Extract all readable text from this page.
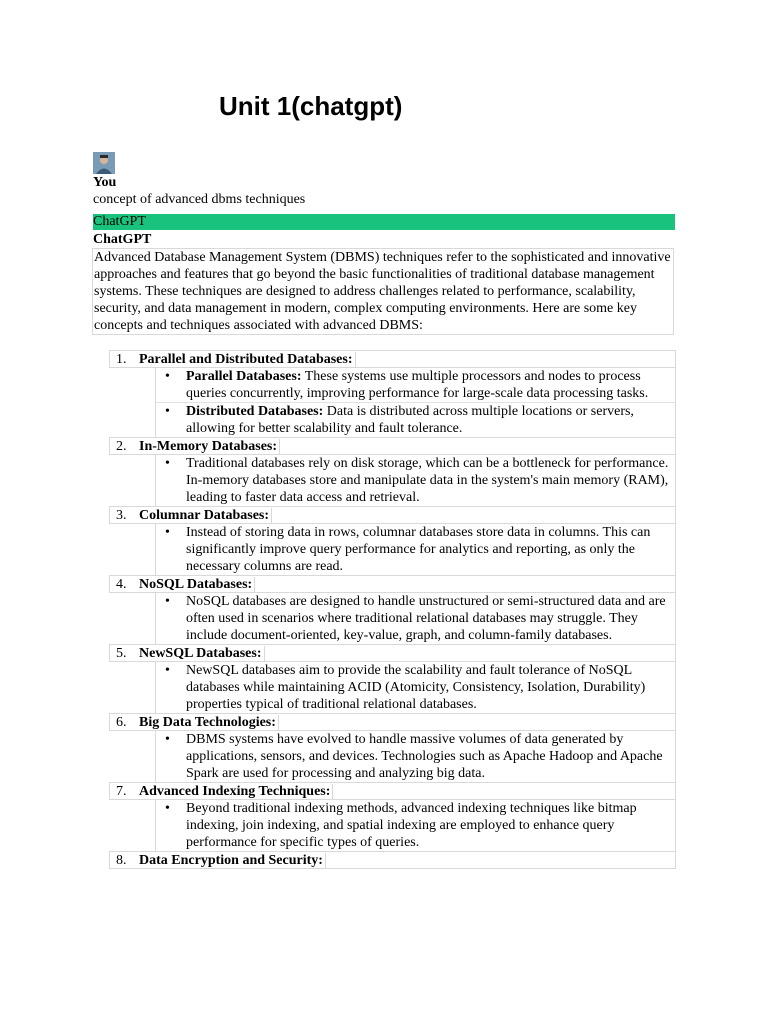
Unit 1(chatgpt)
You
concept of advanced dbms techniques
ChatGPT
ChatGPT

Advanced Database Management System (DBMS) techniques refer to the sophisticated and innovative approaches and features that go beyond the basic functionalities of traditional database management systems. These techniques are designed to address challenges related to performance, scalability, security, and data management in modern, complex computing environments. Here are some key concepts and techniques associated with advanced DBMS:

1. Parallel and Distributed Databases:
• Parallel Databases: These systems use multiple processors and nodes to process queries concurrently, improving performance for large-scale data processing tasks.
• Distributed Databases: Data is distributed across multiple locations or servers, allowing for better scalability and fault tolerance.
2. In-Memory Databases:
• Traditional databases rely on disk storage, which can be a bottleneck for performance. In-memory databases store and manipulate data in the system's main memory (RAM), leading to faster data access and retrieval.
3. Columnar Databases:
• Instead of storing data in rows, columnar databases store data in columns. This can significantly improve query performance for analytics and reporting, as only the necessary columns are read.
4. NoSQL Databases:
• NoSQL databases are designed to handle unstructured or semi-structured data and are often used in scenarios where traditional relational databases may struggle. They include document-oriented, key-value, graph, and column-family databases.
5. NewSQL Databases:
• NewSQL databases aim to provide the scalability and fault tolerance of NoSQL databases while maintaining ACID (Atomicity, Consistency, Isolation, Durability) properties typical of traditional relational databases.
6. Big Data Technologies:
• DBMS systems have evolved to handle massive volumes of data generated by applications, sensors, and devices. Technologies such as Apache Hadoop and Apache Spark are used for processing and analyzing big data.
7. Advanced Indexing Techniques:
• Beyond traditional indexing methods, advanced indexing techniques like bitmap indexing, join indexing, and spatial indexing are employed to enhance query performance for specific types of queries.
8. Data Encryption and Security:
